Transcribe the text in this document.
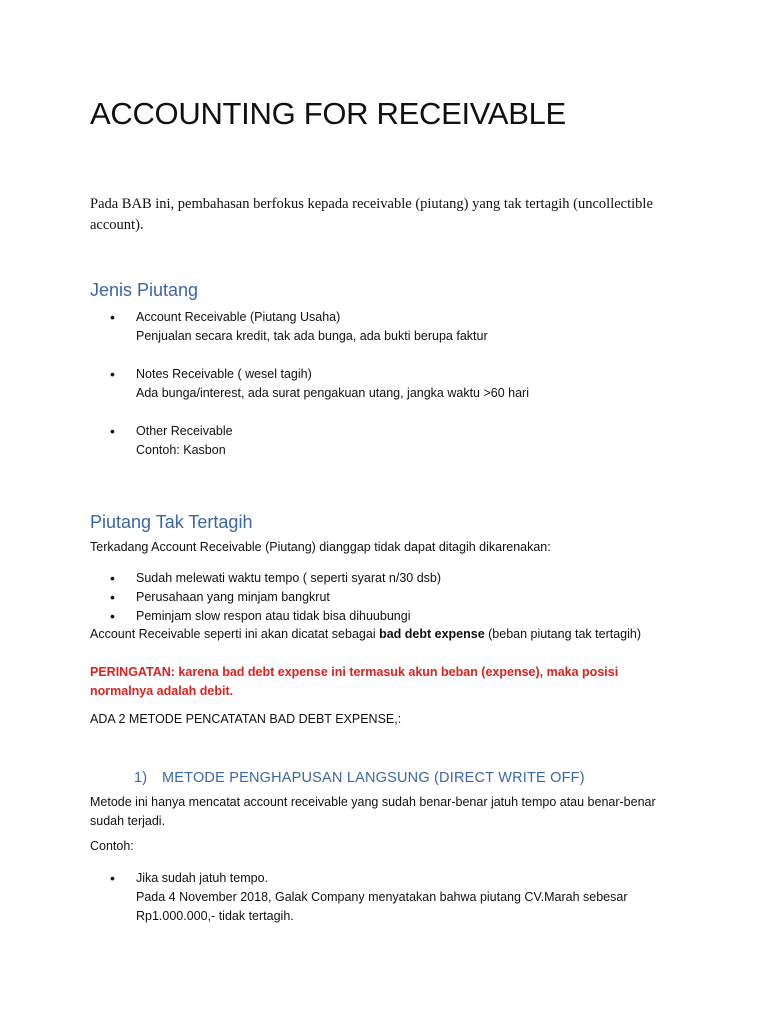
ACCOUNTING FOR RECEIVABLE

Pada BAB ini, pembahasan berfokus kepada receivable (piutang) yang tak tertagih (uncollectible account).

Jenis Piutang
• Account Receivable (Piutang Usaha)
Penjualan secara kredit, tak ada bunga, ada bukti berupa faktur
• Notes Receivable ( wesel tagih)
Ada bunga/interest, ada surat pengakuan utang, jangka waktu >60 hari
• Other Receivable
Contoh: Kasbon
Piutang Tak Tertagih

Terkadang Account Receivable (Piutang) dianggap tidak dapat ditagih dikarenakan:

• Sudah melewati waktu tempo ( seperti syarat n/30 dsb)
• Perusahaan yang minjam bangkrut
• Peminjam slow respon atau tidak bisa dihuubungi

Account Receivable seperti ini akan dicatat sebagai bad debt expense (beban piutang tak tertagih)

PERINGATAN: karena bad debt expense ini termasuk akun beban (expense), maka posisi normalnya adalah debit.

ADA 2 METODE PENCATATAN BAD DEBT EXPENSE,:

1) METODE PENGHAPUSAN LANGSUNG (DIRECT WRITE OFF)

Metode ini hanya mencatat account receivable yang sudah benar-benar jatuh tempo atau benar-benar sudah terjadi.

Contoh:

• Jika sudah jatuh tempo.
Pada 4 November 2018, Galak Company menyatakan bahwa piutang CV.Marah sebesar Rp1.000.000,- tidak tertagih.
